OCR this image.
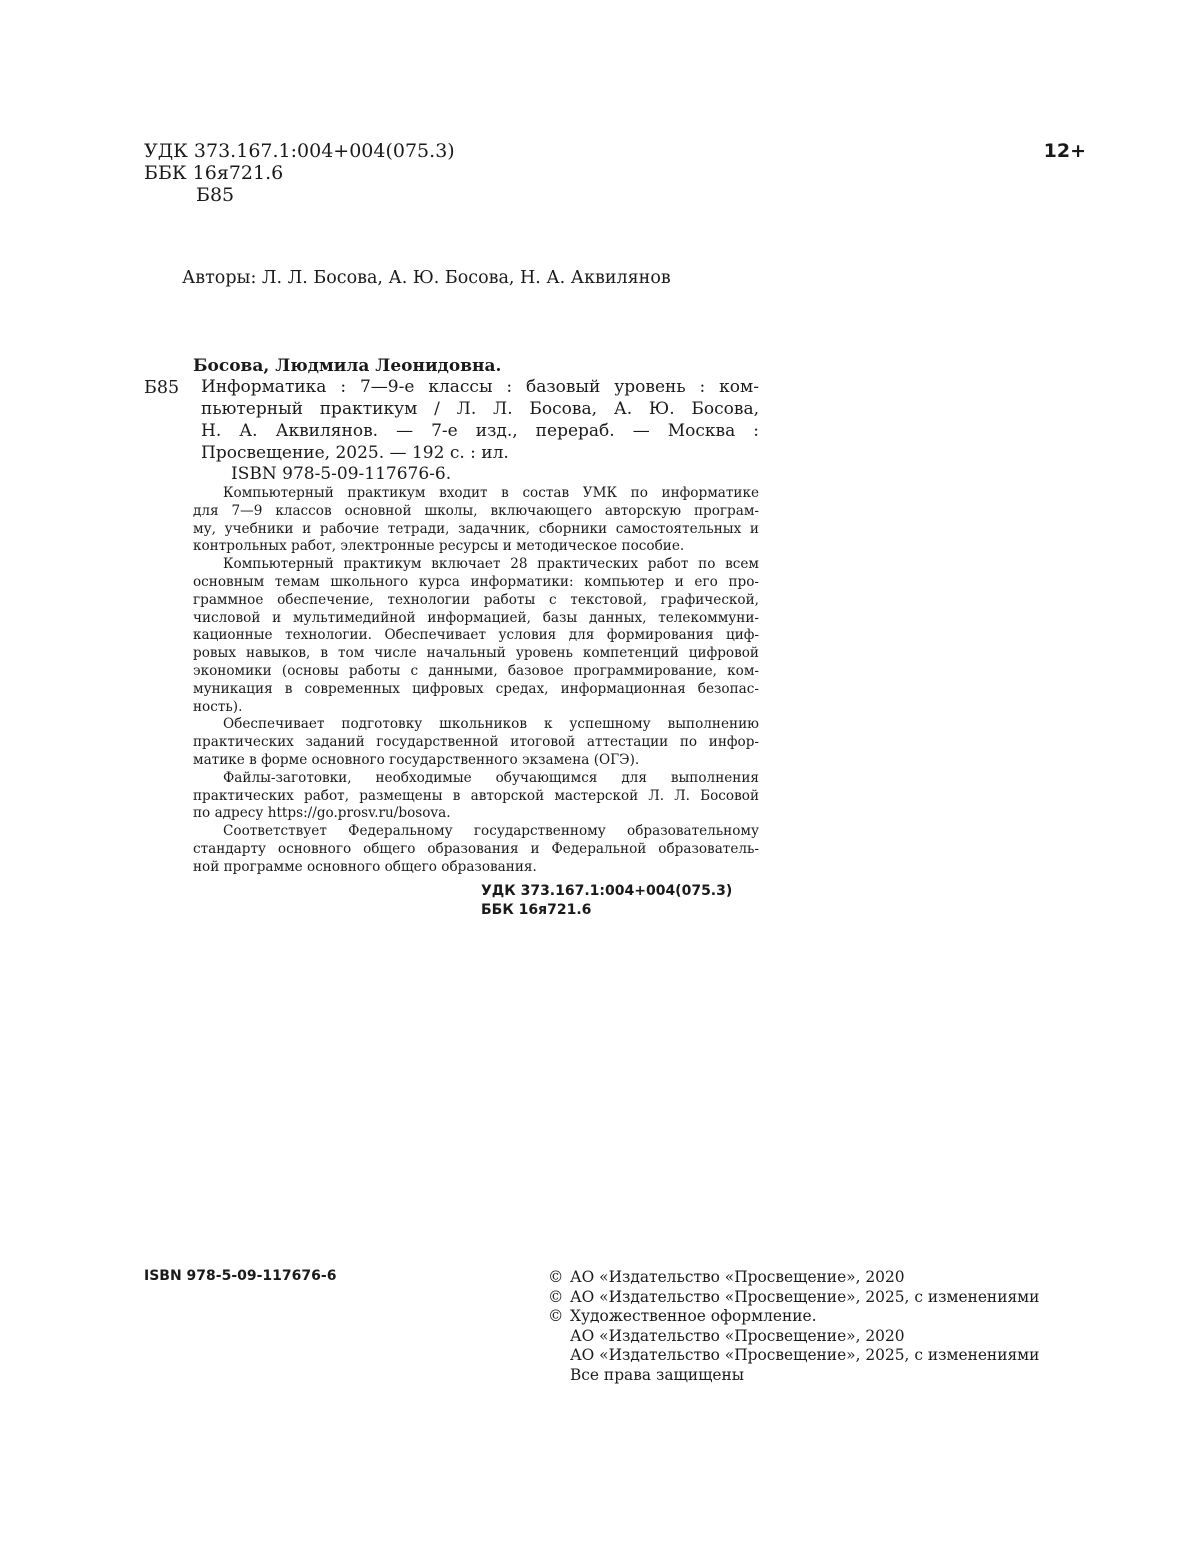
УДК 373.167.1:004+004(075.3)
ББК 16я721.6
Б85
12+
Авторы: Л. Л. Босова, А. Ю. Босова, Н. А. Аквилянов
Босова, Людмила Леонидовна.
Б85 Информатика : 7—9-е классы : базовый уровень : ком-
пьютерный практикум / Л. Л. Босова, А. Ю. Босова,
Н. А. Аквилянов. — 7-е изд., перераб. — Москва :
Просвещение, 2025. — 192 с. : ил.
ISBN 978-5-09-117676-6.
Компьютерный практикум входит в состав УМК по информатике
для 7—9 классов основной школы, включающего авторскую програм-
му, учебники и рабочие тетради, задачник, сборники самостоятельных и
контрольных работ, электронные ресурсы и методическое пособие.
Компьютерный практикум включает 28 практических работ по всем
основным темам школьного курса информатики: компьютер и его про-
граммное обеспечение, технологии работы с текстовой, графической,
числовой и мультимедийной информацией, базы данных, телекоммуни-
кационные технологии. Обеспечивает условия для формирования циф-
ровых навыков, в том числе начальный уровень компетенций цифровой
экономики (основы работы с данными, базовое программирование, ком-
муникация в современных цифровых средах, информационная безопас-
ность).
Обеспечивает подготовку школьников к успешному выполнению
практических заданий государственной итоговой аттестации по инфор-
матике в форме основного государственного экзамена (ОГЭ).
Файлы-заготовки, необходимые обучающимся для выполнения
практических работ, размещены в авторской мастерской Л. Л. Босовой
по адресу https://go.prosv.ru/bosova.
Соответствует Федеральному государственному образовательному
стандарту основного общего образования и Федеральной образователь-
ной программе основного общего образования.
УДК 373.167.1:004+004(075.3)
ББК 16я721.6
ISBN 978-5-09-117676-6	© АО «Издательство «Просвещение», 2020
© АО «Издательство «Просвещение», 2025, с изменениями
© Художественное оформление.
АО «Издательство «Просвещение», 2020
АО «Издательство «Просвещение», 2025, с изменениями
Все права защищены
